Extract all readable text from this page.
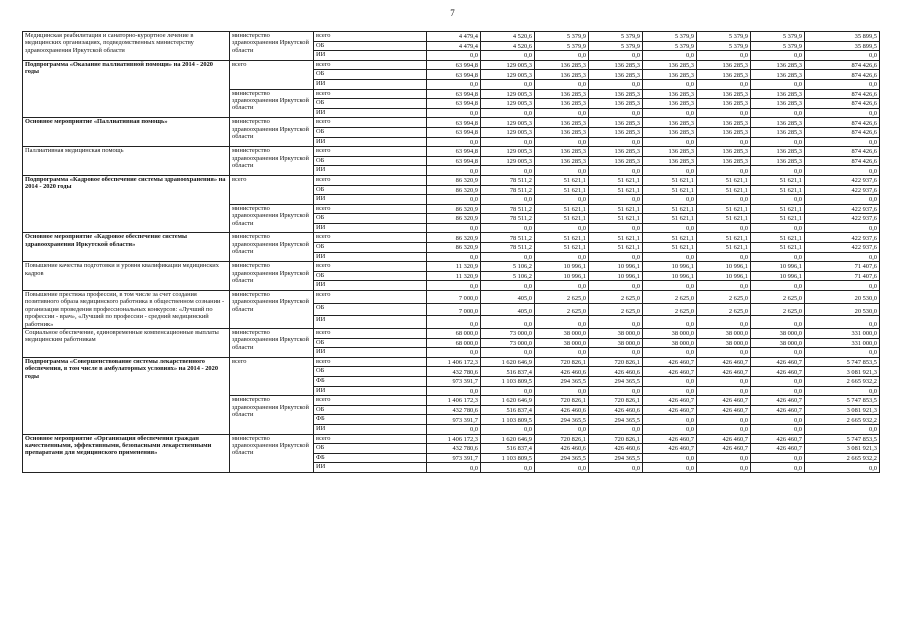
7
Медицинская реабилитация и санаторно-курортное лечение в медицинских организациях, подведомственных министерству здравоохранения Иркутской области	министерство здравоохранения Иркутской области	всего	4 479,4	4 520,6	5 379,9	5 379,9	5 379,9	5 379,9	5 379,9	35 899,5
		ОБ	4 479,4	4 520,6	5 379,9	5 379,9	5 379,9	5 379,9	5 379,9	35 899,5
		ИИ	0,0	0,0	0,0	0,0	0,0	0,0	0,0	0,0
Подпрограмма «Оказание паллиативной помощи» на 2014 - 2020 годы	всего	всего	63 994,8	129 005,3	136 285,3	136 285,3	136 285,3	136 285,3	136 285,3	874 426,6
		ОБ	63 994,8	129 005,3	136 285,3	136 285,3	136 285,3	136 285,3	136 285,3	874 426,6
		ИИ	0,0	0,0	0,0	0,0	0,0	0,0	0,0	0,0
	министерство здравоохранения Иркутской области	всего	63 994,8	129 005,3	136 285,3	136 285,3	136 285,3	136 285,3	136 285,3	874 426,6
		ОБ	63 994,8	129 005,3	136 285,3	136 285,3	136 285,3	136 285,3	136 285,3	874 426,6
		ИИ	0,0	0,0	0,0	0,0	0,0	0,0	0,0	0,0
Основное мероприятие «Паллиативная помощь»	министерство здравоохранения Иркутской области	всего	63 994,8	129 005,3	136 285,3	136 285,3	136 285,3	136 285,3	136 285,3	874 426,6
		ОБ	63 994,8	129 005,3	136 285,3	136 285,3	136 285,3	136 285,3	136 285,3	874 426,6
		ИИ	0,0	0,0	0,0	0,0	0,0	0,0	0,0	0,0
Паллиативная медицинская помощь	министерство здравоохранения Иркутской области	всего	63 994,8	129 005,3	136 285,3	136 285,3	136 285,3	136 285,3	136 285,3	874 426,6
		ОБ	63 994,8	129 005,3	136 285,3	136 285,3	136 285,3	136 285,3	136 285,3	874 426,6
		ИИ	0,0	0,0	0,0	0,0	0,0	0,0	0,0	0,0
Подпрограмма «Кадровое обеспечение системы здравоохранения» на 2014 - 2020 годы	всего	всего	86 320,9	78 511,2	51 621,1	51 621,1	51 621,1	51 621,1	51 621,1	422 937,6
		ОБ	86 320,9	78 511,2	51 621,1	51 621,1	51 621,1	51 621,1	51 621,1	422 937,6
		ИИ	0,0	0,0	0,0	0,0	0,0	0,0	0,0	0,0
	министерство здравоохранения Иркутской области	всего	86 320,9	78 511,2	51 621,1	51 621,1	51 621,1	51 621,1	51 621,1	422 937,6
		ОБ	86 320,9	78 511,2	51 621,1	51 621,1	51 621,1	51 621,1	51 621,1	422 937,6
		ИИ	0,0	0,0	0,0	0,0	0,0	0,0	0,0	0,0
Основное мероприятие «Кадровое обеспечение системы здравоохранения Иркутской области»	министерство здравоохранения Иркутской области	всего	86 320,9	78 511,2	51 621,1	51 621,1	51 621,1	51 621,1	51 621,1	422 937,6
		ОБ	86 320,9	78 511,2	51 621,1	51 621,1	51 621,1	51 621,1	51 621,1	422 937,6
		ИИ	0,0	0,0	0,0	0,0	0,0	0,0	0,0	0,0
Повышение качества подготовки и уровня квалификации медицинских кадров	министерство здравоохранения Иркутской области	всего	11 320,9	5 106,2	10 996,1	10 996,1	10 996,1	10 996,1	10 996,1	71 407,6
		ОБ	11 320,9	5 106,2	10 996,1	10 996,1	10 996,1	10 996,1	10 996,1	71 407,6
		ИИ	0,0	0,0	0,0	0,0	0,0	0,0	0,0	0,0
Повышение престижа профессии, в том числе за счет создания позитивного образа медицинского работника в общественном сознании - организация проведения профессиональных конкурсов: «Лучший по профессии - врач», «Лучший по профессии - средний медицинский работник»	министерство здравоохранения Иркутской области	всего	7 000,0	405,0	2 625,0	2 625,0	2 625,0	2 625,0	2 625,0	20 530,0
		ОБ	7 000,0	405,0	2 625,0	2 625,0	2 625,0	2 625,0	2 625,0	20 530,0
		ИИ	0,0	0,0	0,0	0,0	0,0	0,0	0,0	0,0
Социальное обеспечение, единовременные компенсационные выплаты медицинским работникам	министерство здравоохранения Иркутской области	всего	68 000,0	73 000,0	38 000,0	38 000,0	38 000,0	38 000,0	38 000,0	331 000,0
		ОБ	68 000,0	73 000,0	38 000,0	38 000,0	38 000,0	38 000,0	38 000,0	331 000,0
		ИИ	0,0	0,0	0,0	0,0	0,0	0,0	0,0	0,0
Подпрограмма «Совершенствование системы лекарственного обеспечения, в том числе в амбулаторных условиях» на 2014 - 2020 годы	всего	всего	1 406 172,3	1 620 646,9	720 826,1	720 826,1	426 460,7	426 460,7	426 460,7	5 747 853,5
		ОБ	432 780,6	516 837,4	426 460,6	426 460,6	426 460,7	426 460,7	426 460,7	3 081 921,3
		ФБ	973 391,7	1 103 809,5	294 365,5	294 365,5	0,0	0,0	0,0	2 665 932,2
		ИИ	0,0	0,0	0,0	0,0	0,0	0,0	0,0	0,0
	министерство здравоохранения Иркутской области	всего	1 406 172,3	1 620 646,9	720 826,1	720 826,1	426 460,7	426 460,7	426 460,7	5 747 853,5
		ОБ	432 780,6	516 837,4	426 460,6	426 460,6	426 460,7	426 460,7	426 460,7	3 081 921,3
		ФБ	973 391,7	1 103 809,5	294 365,5	294 365,5	0,0	0,0	0,0	2 665 932,2
		ИИ	0,0	0,0	0,0	0,0	0,0	0,0	0,0	0,0
Основное мероприятие «Организация обеспечения граждан качественными, эффективными, безопасными лекарственными препаратами для медицинского применения»	министерство здравоохранения Иркутской области	всего	1 406 172,3	1 620 646,9	720 826,1	720 826,1	426 460,7	426 460,7	426 460,7	5 747 853,5
		ОБ	432 780,6	516 837,4	426 460,6	426 460,6	426 460,7	426 460,7	426 460,7	3 081 921,3
		ФБ	973 391,7	1 103 809,5	294 365,5	294 365,5	0,0	0,0	0,0	2 665 932,2
		ИИ	0,0	0,0	0,0	0,0	0,0	0,0	0,0	0,0
